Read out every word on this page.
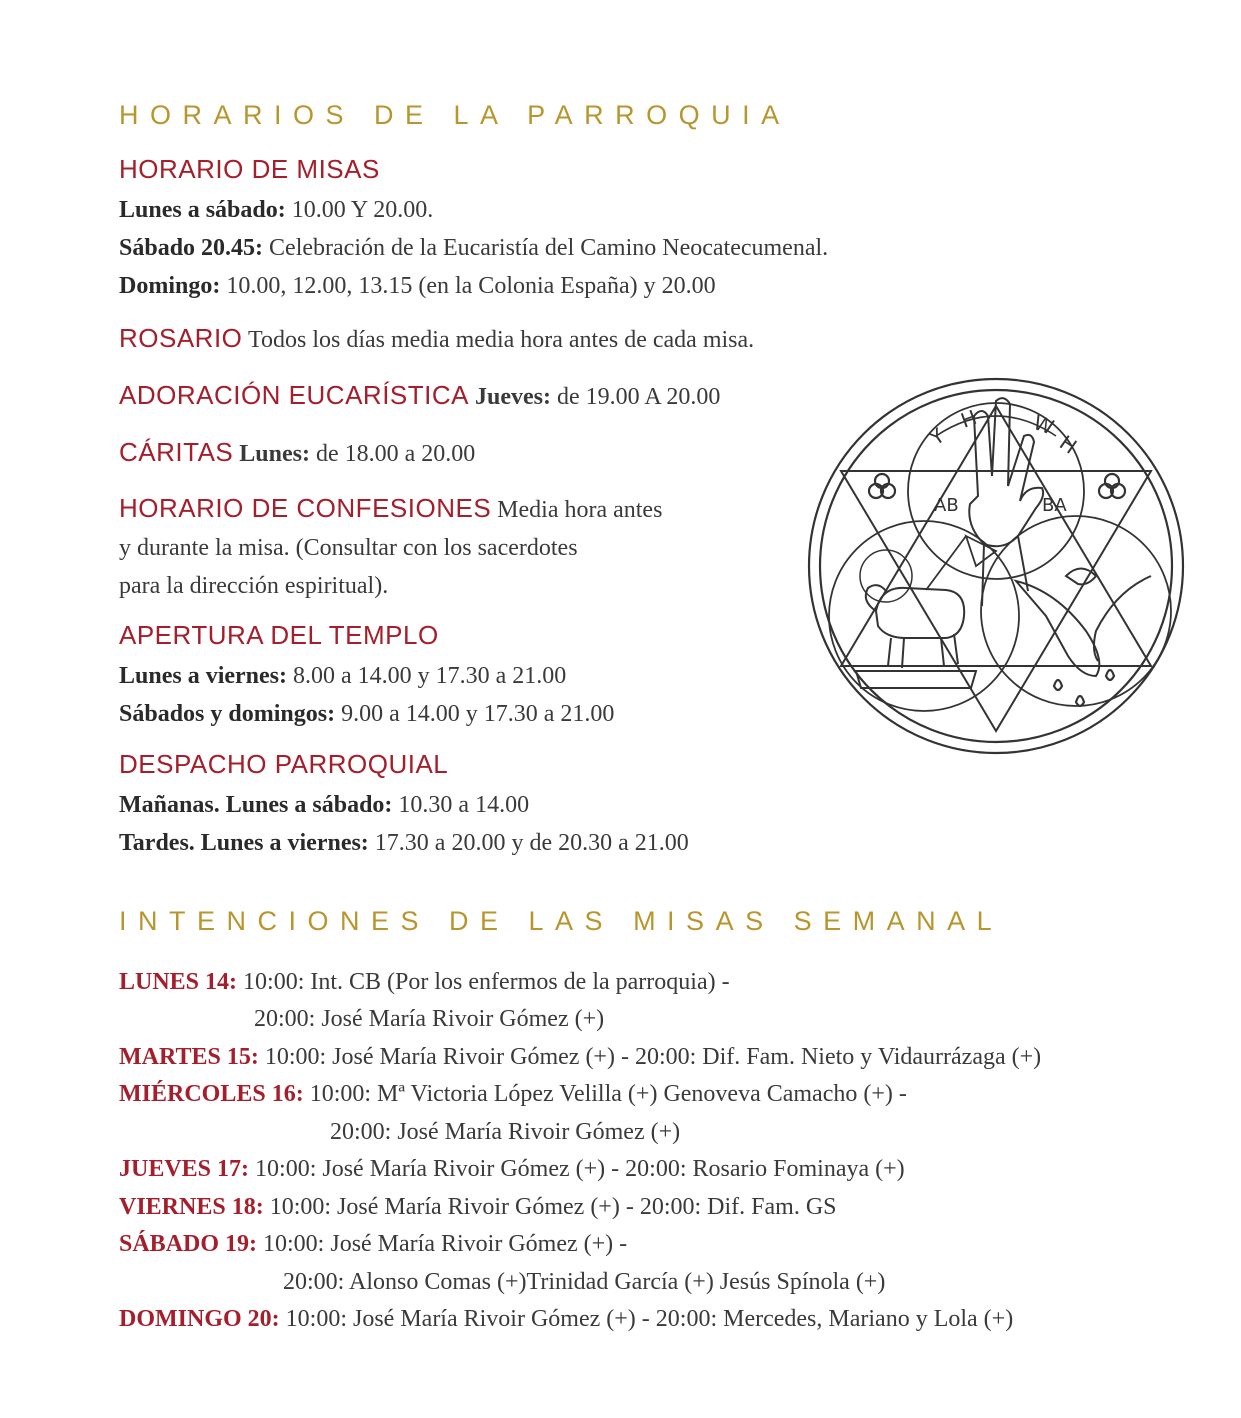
HORARIOS DE LA PARROQUIA
HORARIO DE MISAS
Lunes a sábado: 10.00 Y 20.00.
Sábado 20.45: Celebración de la Eucaristía del Camino Neocatecumenal.
Domingo: 10.00, 12.00, 13.15 (en la Colonia España) y 20.00
ROSARIO Todos los días media media hora antes de cada misa.
ADORACIÓN EUCARÍSTICA Jueves: de 19.00 A 20.00
CÁRITAS Lunes: de 18.00 a 20.00
HORARIO DE CONFESIONES Media hora antes
y durante la misa. (Consultar con los sacerdotes
para la dirección espiritual).
APERTURA DEL TEMPLO
Lunes a viernes: 8.00 a 14.00 y 17.30 a 21.00
Sábados y domingos: 9.00 a 14.00 y 17.30 a 21.00
DESPACHO PARROQUIAL
Mañanas. Lunes a sábado: 10.30 a 14.00
Tardes. Lunes a viernes: 17.30 a 20.00 y de 20.30 a 21.00
INTENCIONES DE LAS MISAS SEMANAL
LUNES 14: 10:00: Int. CB (Por los enfermos de la parroquia) -
20:00: José María Rivoir Gómez (+)
MARTES 15: 10:00: José María Rivoir Gómez (+) - 20:00: Dif. Fam. Nieto y Vidaurrázaga (+)
MIÉRCOLES 16: 10:00: Mª Victoria López Velilla (+) Genoveva Camacho (+) -
20:00: José María Rivoir Gómez (+)
JUEVES 17: 10:00: José María Rivoir Gómez (+) - 20:00: Rosario Fominaya (+)
VIERNES 18: 10:00: José María Rivoir Gómez (+) - 20:00: Dif. Fam. GS
SÁBADO 19: 10:00: José María Rivoir Gómez (+) -
20:00: Alonso Comas (+)Trinidad García (+) Jesús Spínola (+)
DOMINGO 20: 10:00: José María Rivoir Gómez (+) - 20:00: Mercedes, Mariano y Lola (+)
Y
H	W
H
AB	BA
